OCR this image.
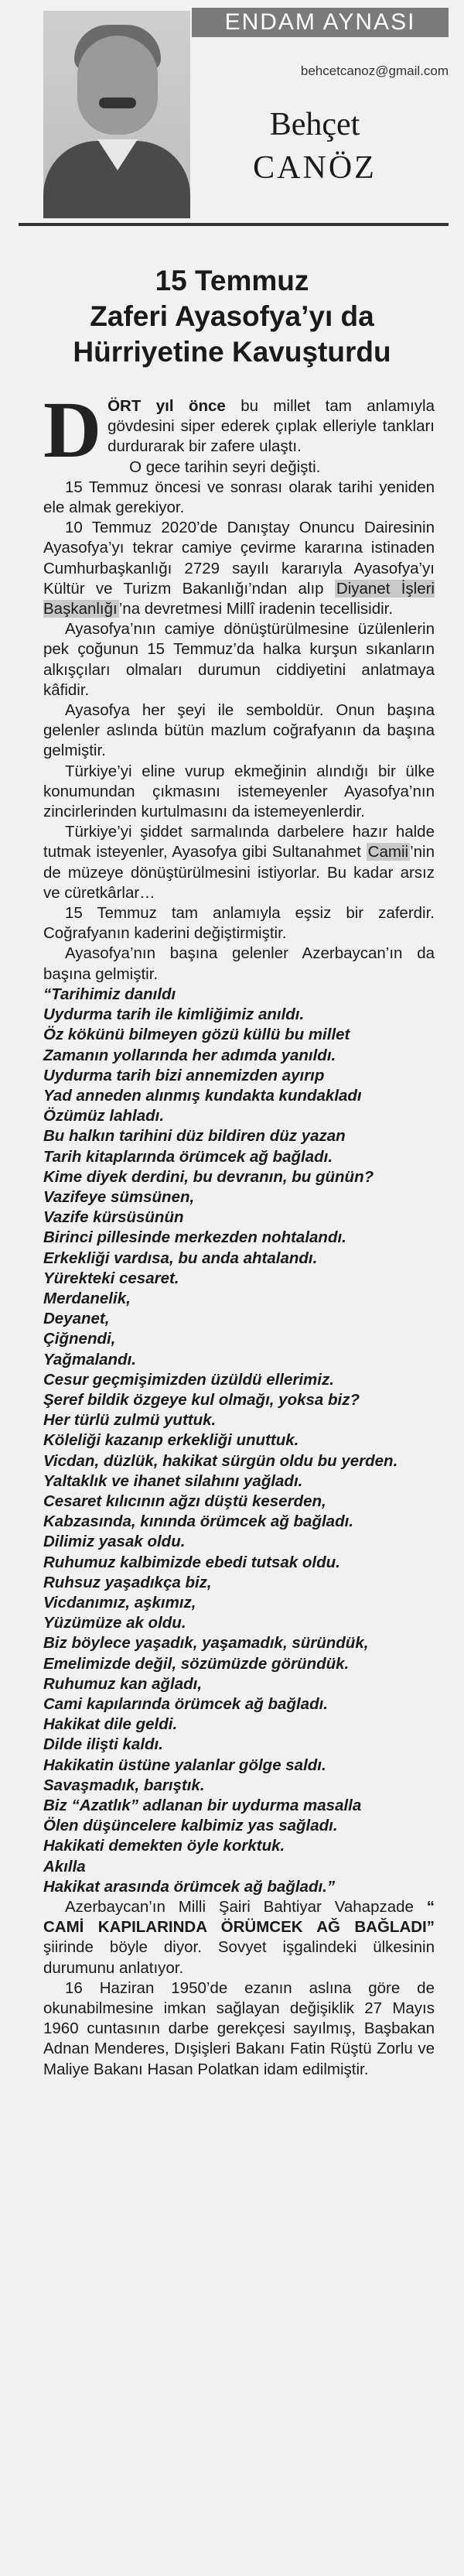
ENDAM AYNASI
behcetcanoz@gmail.com
Behçet
CANÖZ
15 Temmuz
Zaferi Ayasofya’yı da
Hürriyetine Kavuşturdu

DÖRT yıl önce bu millet tam anlamıyla gövdesini siper ederek çıplak elleriyle tankları durdurarak bir zafere ulaştı.

O gece tarihin seyri değişti.

15 Temmuz öncesi ve sonrası olarak tarihi yeniden ele almak gerekiyor.

10 Temmuz 2020’de Danıştay Onuncu Dairesinin Ayasofya’yı tekrar camiye çevirme kararına istinaden Cumhurbaşkanlığı 2729 sayılı kararıyla Ayasofya’yı Kültür ve Turizm Bakanlığı’ndan alıp Diyanet İşleri Başkanlığı’na devretmesi Millî iradenin tecellisidir.

Ayasofya’nın camiye dönüştürülmesine üzülenlerin pek çoğunun 15 Temmuz’da halka kurşun sıkanların alkışçıları olmaları durumun ciddiyetini anlatmaya kâfidir.

Ayasofya her şeyi ile semboldür. Onun başına gelenler aslında bütün mazlum coğrafyanın da başına gelmiştir.

Türkiye’yi eline vurup ekmeğinin alındığı bir ülke konumundan çıkmasını istemeyenler Ayasofya’nın zincirlerinden kurtulmasını da istemeyenlerdir.

Türkiye’yi şiddet sarmalında darbelere hazır halde tutmak isteyenler, Ayasofya gibi Sultanahmet Camii’nin de müzeye dönüştürülmesini istiyorlar. Bu kadar arsız ve cüretkârlar…

15 Temmuz tam anlamıyla eşsiz bir zaferdir. Coğrafyanın kaderini değiştirmiştir.

Ayasofya’nın başına gelenler Azerbaycan’ın da başına gelmiştir.

“Tarihimiz danıldı
Uydurma tarih ile kimliğimiz anıldı.
Öz kökünü bilmeyen gözü küllü bu millet
Zamanın yollarında her adımda yanıldı.
Uydurma tarih bizi annemizden ayırıp
Yad anneden alınmış kundakta kundakladı
Özümüz lahladı.
Bu halkın tarihini düz bildiren düz yazan
Tarih kitaplarında örümcek ağ bağladı.
Kime diyek derdini, bu devranın, bu günün?
Vazifeye sümsünen,
Vazife kürsüsünün
Birinci pillesinde merkezden nohtalandı.
Erkekliği vardısa, bu anda ahtalandı.
Yürekteki cesaret.
Merdanelik,
Deyanet,
Çiğnendi,
Yağmalandı.
Cesur geçmişimizden üzüldü ellerimiz.
Şeref bildik özgeye kul olmağı, yoksa biz?
Her türlü zulmü yuttuk.
Köleliği kazanıp erkekliği unuttuk.
Vicdan, düzlük, hakikat sürgün oldu bu yerden.
Yaltaklık ve ihanet silahını yağladı.
Cesaret kılıcının ağzı düştü keserden,
Kabzasında, kınında örümcek ağ bağladı.
Dilimiz yasak oldu.
Ruhumuz kalbimizde ebedi tutsak oldu.
Ruhsuz yaşadıkça biz,
Vicdanımız, aşkımız,
Yüzümüze ak oldu.
Biz böylece yaşadık, yaşamadık, süründük,
Emelimizde değil, sözümüzde göründük.
Ruhumuz kan ağladı,
Cami kapılarında örümcek ağ bağladı.
Hakikat dile geldi.
Dilde ilişti kaldı.
Hakikatin üstüne yalanlar gölge saldı.
Savaşmadık, barıştık.
Biz “Azatlık” adlanan bir uydurma masalla
Ölen düşüncelere kalbimiz yas sağladı.
Hakikati demekten öyle korktuk.
Akılla
Hakikat arasında örümcek ağ bağladı.”

Azerbaycan’ın Milli Şairi Bahtiyar Vahapzade “ CAMİ KAPILARINDA ÖRÜMCEK AĞ BAĞLADI” şiirinde böyle diyor. Sovyet işgalindeki ülkesinin durumunu anlatıyor.

16 Haziran 1950’de ezanın aslına göre de okunabilmesine imkan sağlayan değişiklik 27 Mayıs 1960 cuntasının darbe gerekçesi sayılmış, Başbakan Adnan Menderes, Dışişleri Bakanı Fatin Rüştü Zorlu ve Maliye Bakanı Hasan Polatkan idam edilmiştir.
